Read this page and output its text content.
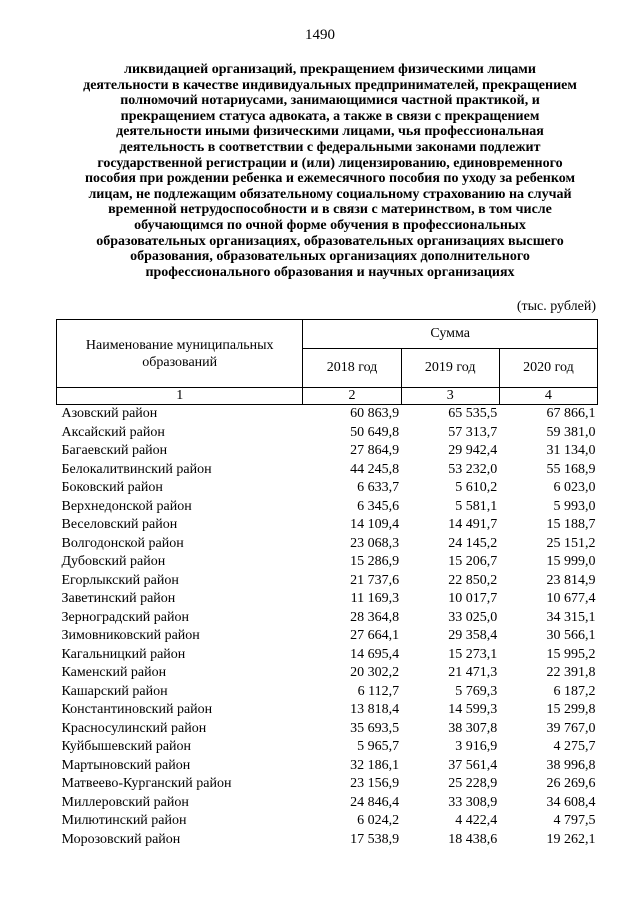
1490
ликвидацией организаций, прекращением физическими лицами
деятельности в качестве индивидуальных предпринимателей, прекращением
полномочий нотариусами, занимающимися частной практикой, и
прекращением статуса адвоката, а также в связи с прекращением
деятельности иными физическими лицами, чья профессиональная
деятельность в соответствии с федеральными законами подлежит
государственной регистрации и (или) лицензированию, единовременного
пособия при рождении ребенка и ежемесячного пособия по уходу за ребенком
лицам, не подлежащим обязательному социальному страхованию на случай
временной нетрудоспособности и в связи с материнством, в том числе
обучающимся по очной форме обучения в профессиональных
образовательных организациях, образовательных организациях высшего
образования, образовательных организациях дополнительного
профессионального образования и научных организациях
(тыс. рублей)
Наименование муниципальных образований	Сумма		
	2018 год	2019 год	2020 год
1	2	3	4
Азовский район	60 863,9	65 535,5	67 866,1
Аксайский район	50 649,8	57 313,7	59 381,0
Багаевский район	27 864,9	29 942,4	31 134,0
Белокалитвинский район	44 245,8	53 232,0	55 168,9
Боковский район	6 633,7	5 610,2	6 023,0
Верхнедонской район	6 345,6	5 581,1	5 993,0
Веселовский район	14 109,4	14 491,7	15 188,7
Волгодонской район	23 068,3	24 145,2	25 151,2
Дубовский район	15 286,9	15 206,7	15 999,0
Егорлыкский район	21 737,6	22 850,2	23 814,9
Заветинский район	11 169,3	10 017,7	10 677,4
Зерноградский район	28 364,8	33 025,0	34 315,1
Зимовниковский район	27 664,1	29 358,4	30 566,1
Кагальницкий район	14 695,4	15 273,1	15 995,2
Каменский район	20 302,2	21 471,3	22 391,8
Кашарский район	6 112,7	5 769,3	6 187,2
Константиновский район	13 818,4	14 599,3	15 299,8
Красносулинский район	35 693,5	38 307,8	39 767,0
Куйбышевский район	5 965,7	3 916,9	4 275,7
Мартыновский район	32 186,1	37 561,4	38 996,8
Матвеево-Курганский район	23 156,9	25 228,9	26 269,6
Миллеровский район	24 846,4	33 308,9	34 608,4
Милютинский район	6 024,2	4 422,4	4 797,5
Морозовский район	17 538,9	18 438,6	19 262,1
